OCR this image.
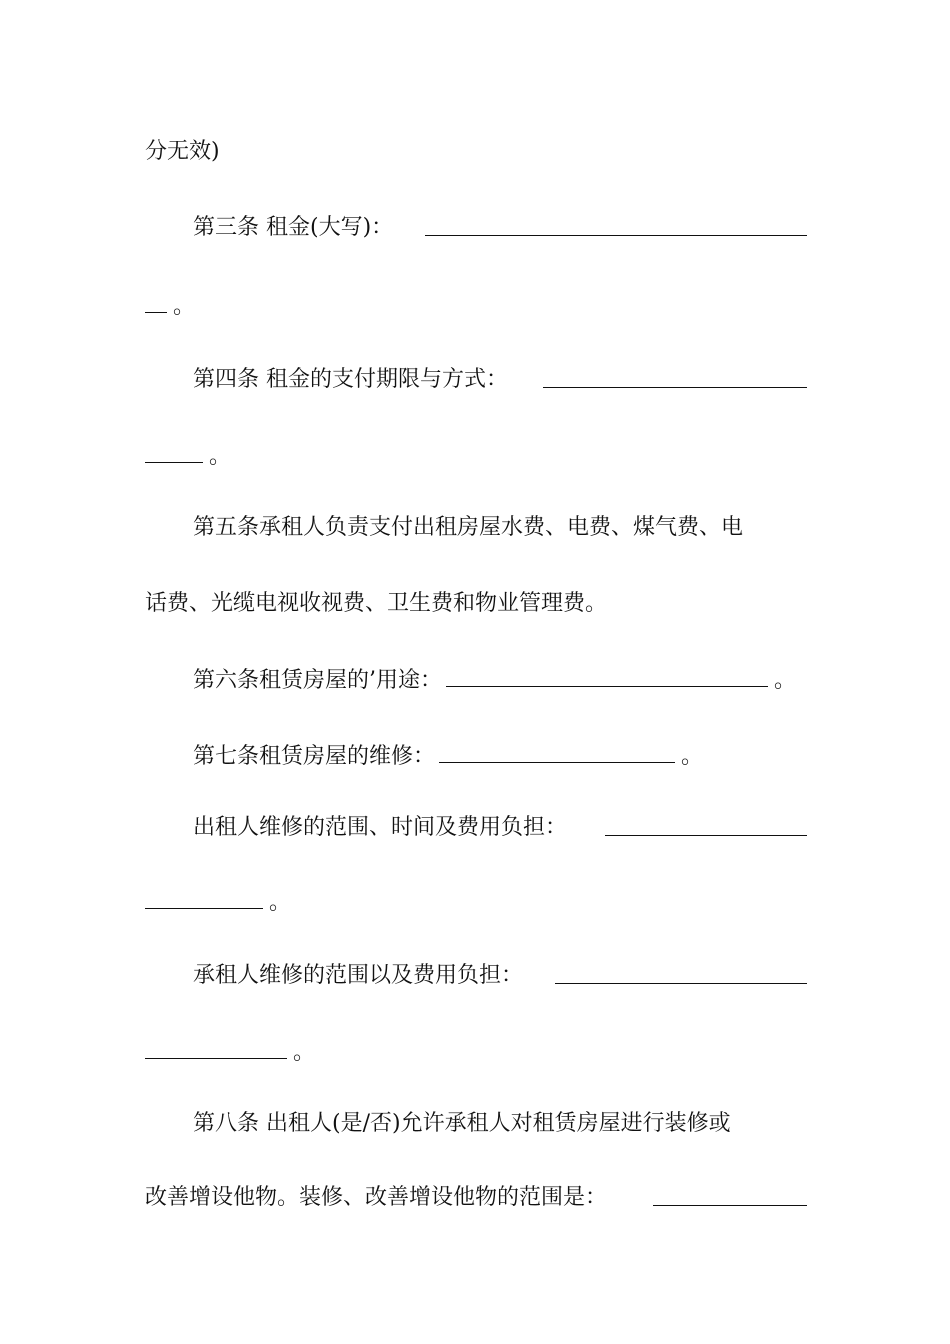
分无效)
第三条 租金(大写)：
。
第四条 租金的支付期限与方式：
。
第五条承租人负责支付出租房屋水费、电费、煤气费、电
话费、光缆电视收视费、卫生费和物业管理费。
第六条租赁房屋的’用途：	。
第七条租赁房屋的维修：	。
出租人维修的范围、时间及费用负担：
。
承租人维修的范围以及费用负担：
。
第八条 出租人(是/否)允许承租人对租赁房屋进行装修或
改善增设他物。装修、改善增设他物的范围是：
